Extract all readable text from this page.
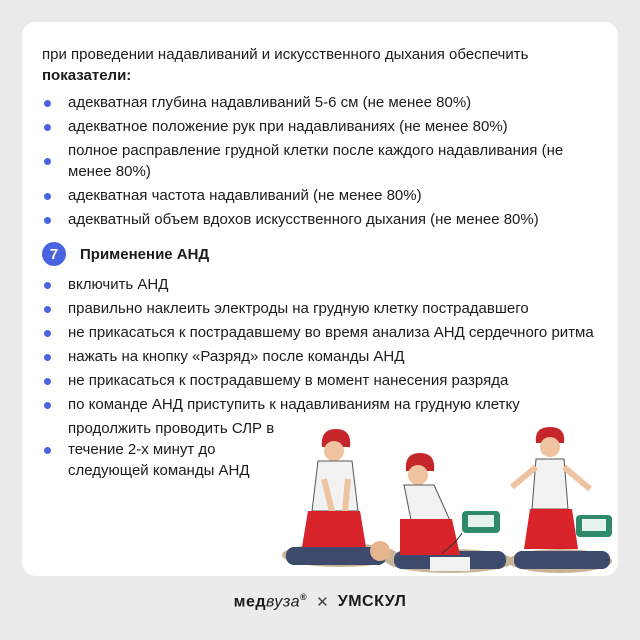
при проведении надавливаний и искусственного дыхания обеспечить показатели:
адекватная глубина надавливаний 5-6 см (не менее 80%)
адекватное положение рук при надавливаниях (не менее 80%)
полное расправление грудной клетки после каждого надавливания (не менее 80%)
адекватная частота надавливаний (не менее 80%)
адекватный объем вдохов искусственного дыхания (не менее 80%)
7	Применение АНД
включить АНД
правильно наклеить электроды на грудную клетку пострадавшего
не прикасаться к пострадавшему во время анализа АНД сердечного ритма
нажать на кнопку «Разряд» после команды АНД
не прикасаться к пострадавшему в момент нанесения разряда
по команде АНД приступить к надавливаниям на грудную клетку
продолжить проводить СЛР в течение 2-х минут до следующей команды АНД
медвуза® ✕ УМСКУЛ
